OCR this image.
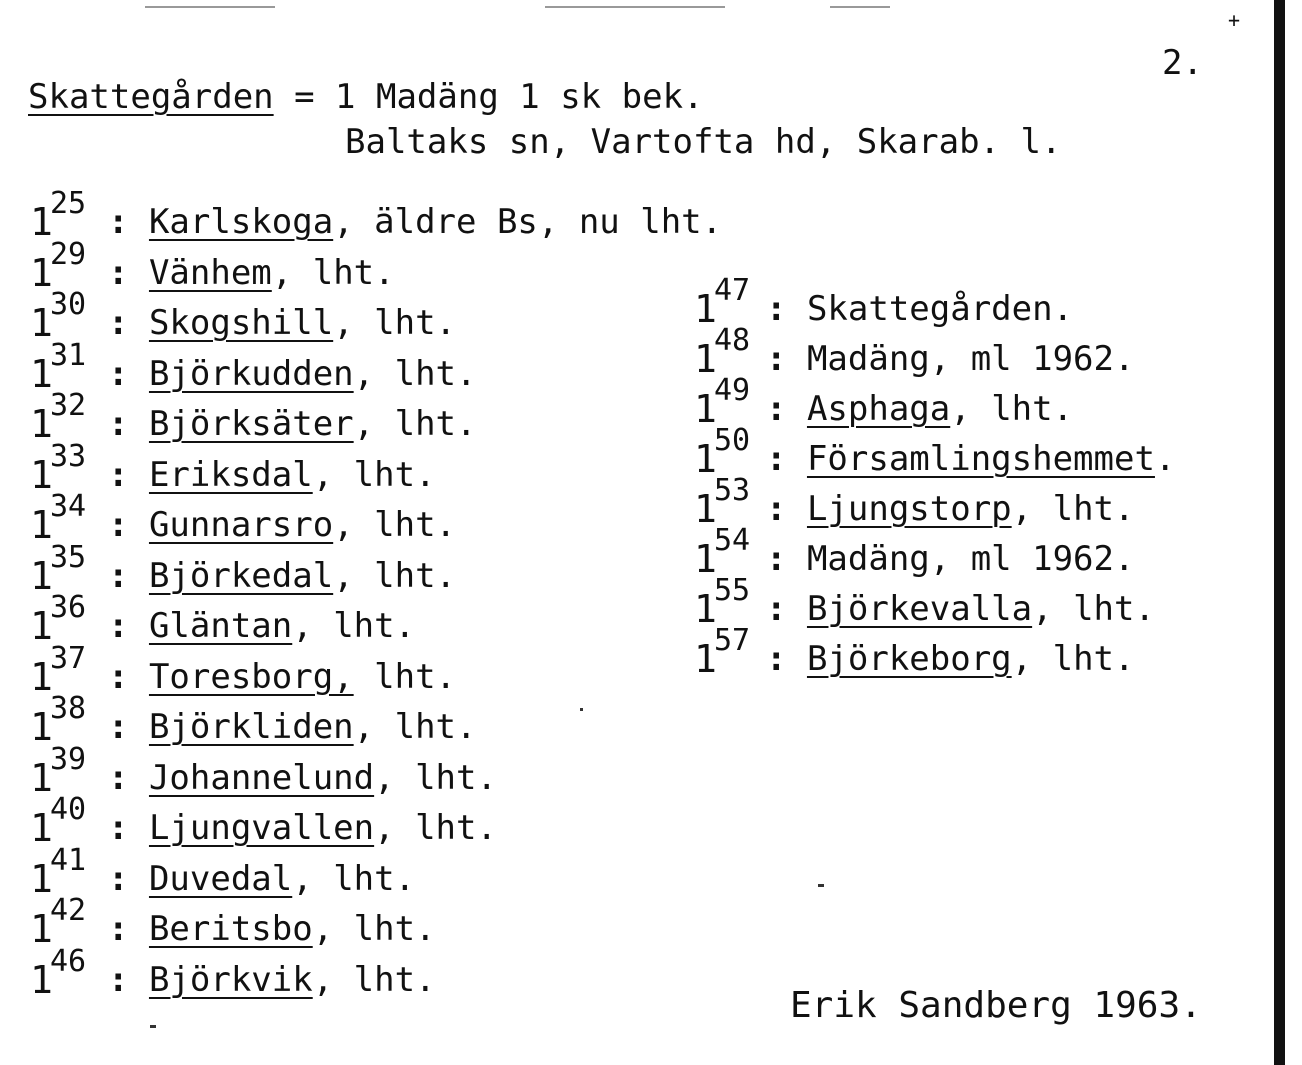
+
2.
Skattegården = 1 Madäng 1 sk bek.
Baltaks sn, Vartofta hd, Skarab. l.
1
25 : Karlskoga, äldre Bs, nu lht.
1
29 : Vänhem, lht.
1
30 : Skogshill, lht.
1
31 : Björkudden, lht.
1
32 : Björksäter, lht.
1
33 : Eriksdal, lht.
1
34 : Gunnarsro, lht.
1
35 : Björkedal, lht.
1
36 : Gläntan, lht.
1
37 : Toresborg, lht.
1
38 : Björkliden, lht.
1
39 : Johannelund, lht.
1
40 : Ljungvallen, lht.
1
41 : Duvedal, lht.
1
42 : Beritsbo, lht.
1
46 : Björkvik, lht.
1
47 : Skattegården.
1
48 : Madäng, ml 1962.
1
49 : Asphaga, lht.
1
50 : Församlingshemmet.
1
53 : Ljungstorp, lht.
1
54 : Madäng, ml 1962.
1
55 : Björkevalla, lht.
1
57 : Björkeborg, lht.
Erik Sandberg 1963.
